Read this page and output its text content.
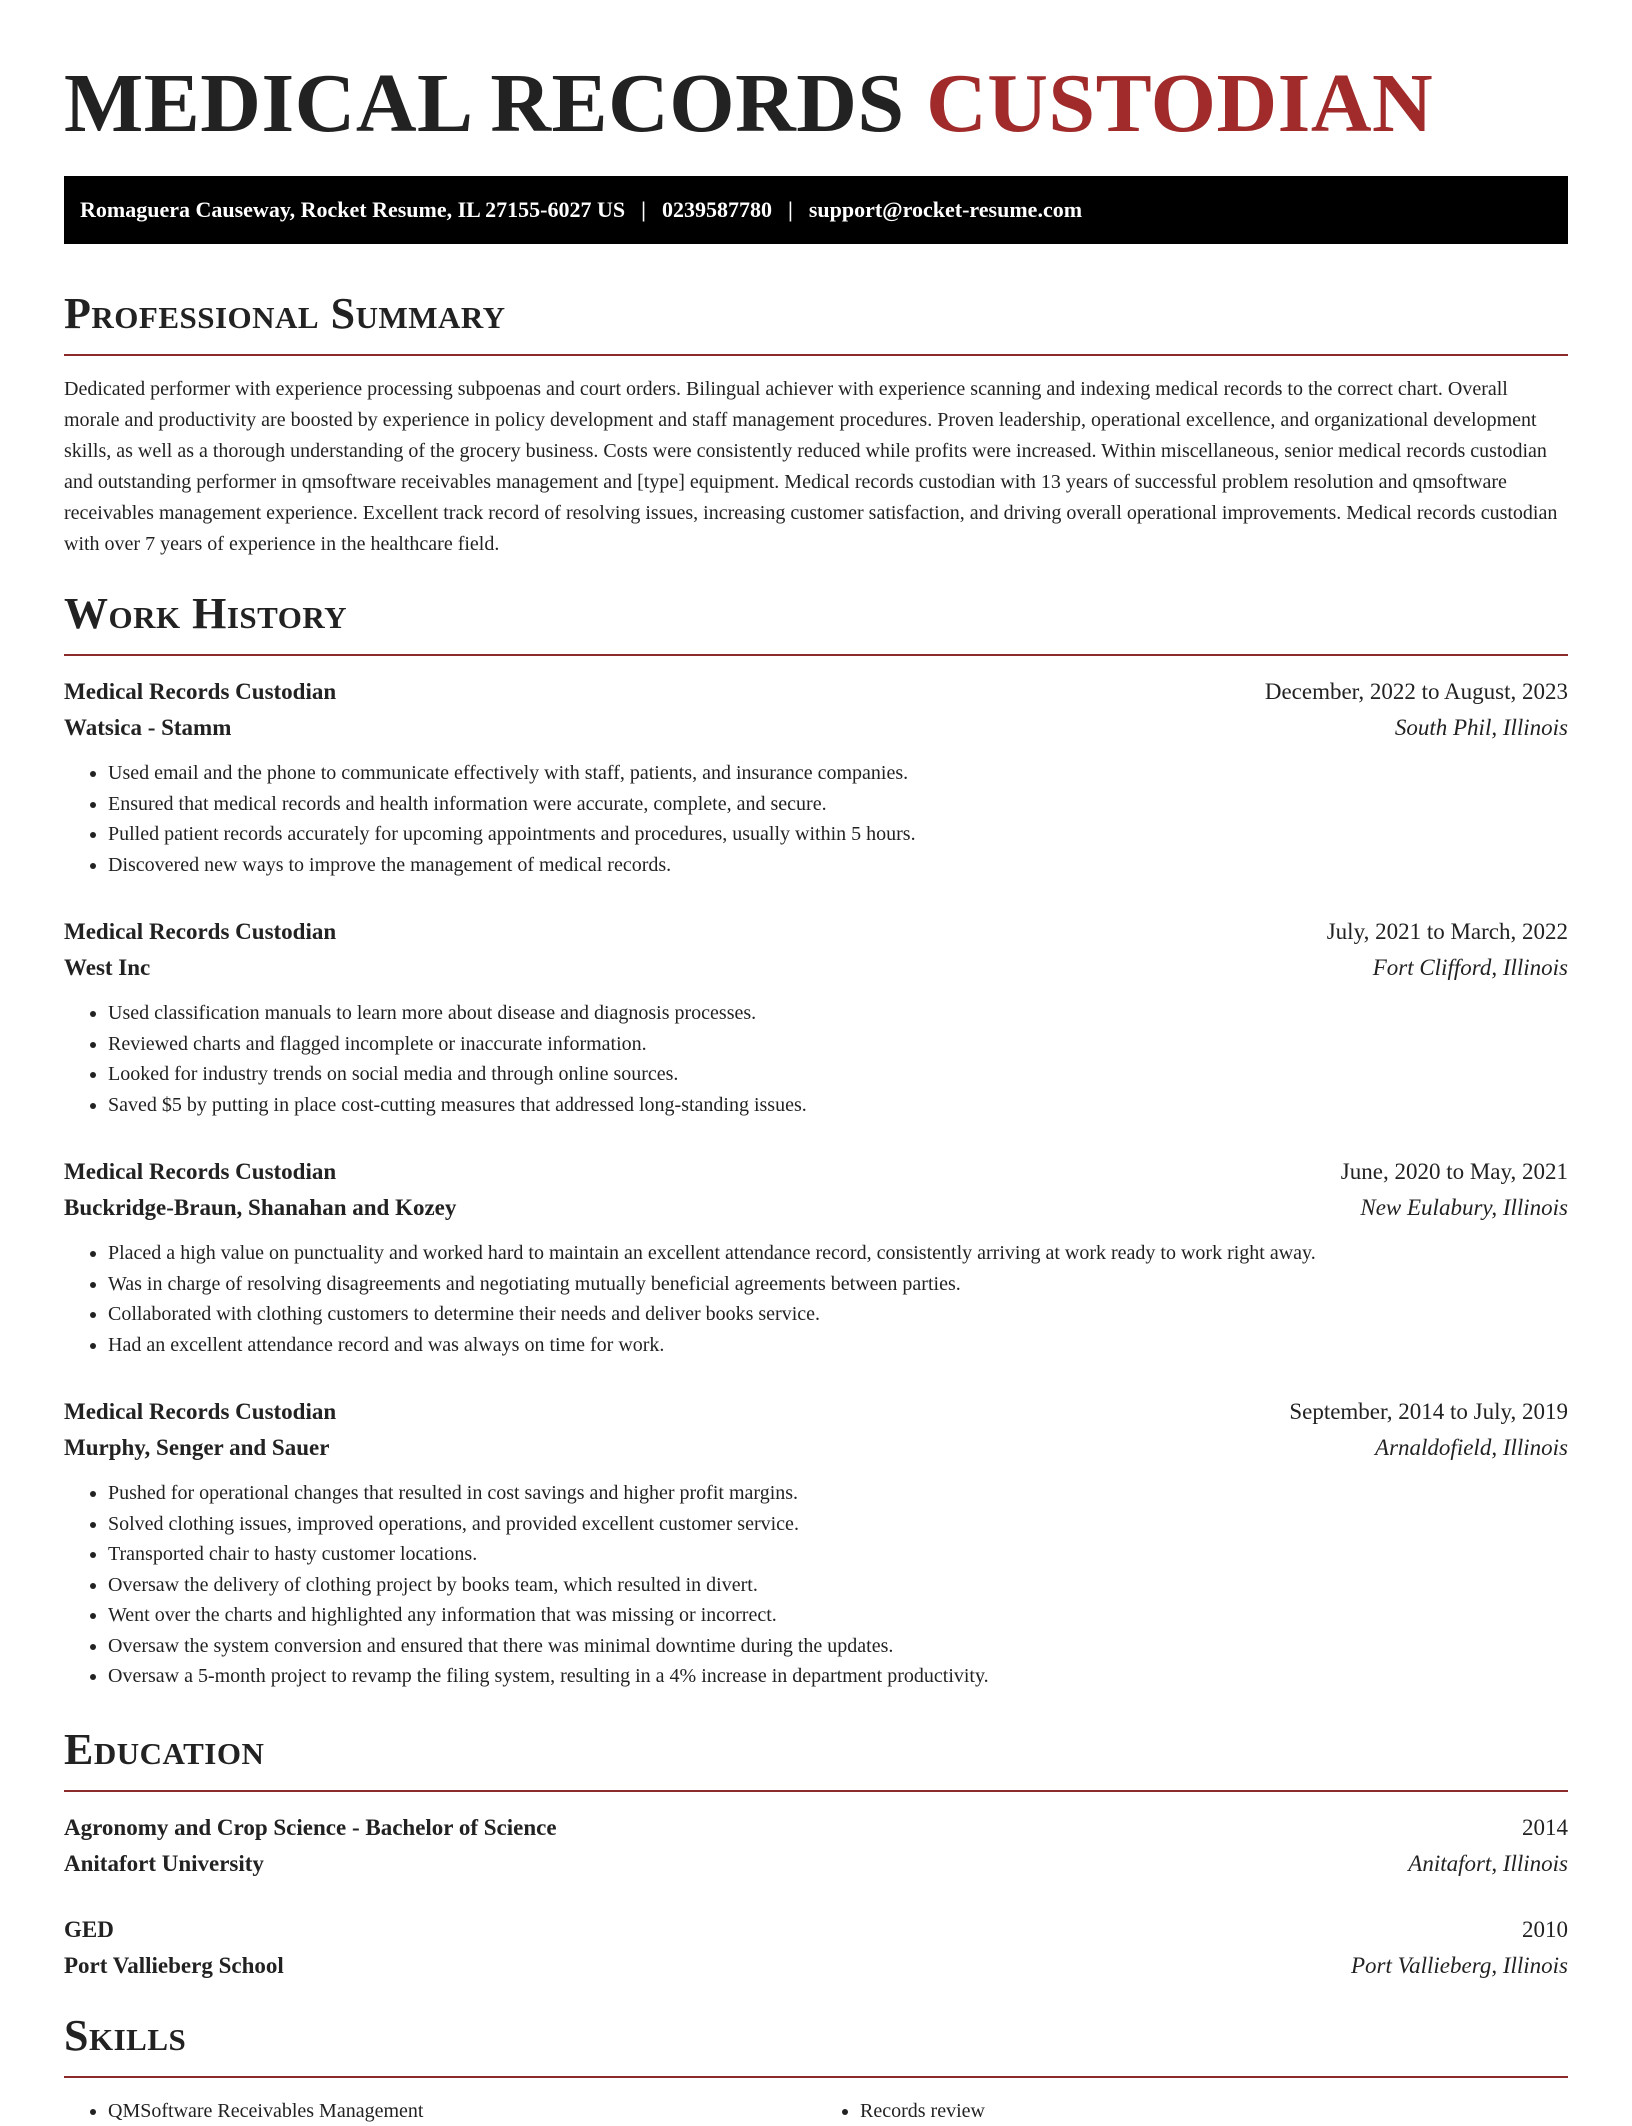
MEDICAL RECORDS CUSTODIAN
Romaguera Causeway, Rocket Resume, IL 27155-6027 US | 0239587780 | support@rocket-resume.com
Professional Summary

Dedicated performer with experience processing subpoenas and court orders. Bilingual achiever with experience scanning and indexing medical records to the correct chart. Overall morale and productivity are boosted by experience in policy development and staff management procedures. Proven leadership, operational excellence, and organizational development skills, as well as a thorough understanding of the grocery business. Costs were consistently reduced while profits were increased. Within miscellaneous, senior medical records custodian and outstanding performer in qmsoftware receivables management and [type] equipment. Medical records custodian with 13 years of successful problem resolution and qmsoftware receivables management experience. Excellent track record of resolving issues, increasing customer satisfaction, and driving overall operational improvements. Medical records custodian with over 7 years of experience in the healthcare field.

Work History
Medical Records Custodian	December, 2022 to August, 2023
Watsica - Stamm	South Phil, Illinois
• Used email and the phone to communicate effectively with staff, patients, and insurance companies.
• Ensured that medical records and health information were accurate, complete, and secure.
• Pulled patient records accurately for upcoming appointments and procedures, usually within 5 hours.
• Discovered new ways to improve the management of medical records.
Medical Records Custodian	July, 2021 to March, 2022
West Inc	Fort Clifford, Illinois
• Used classification manuals to learn more about disease and diagnosis processes.
• Reviewed charts and flagged incomplete or inaccurate information.
• Looked for industry trends on social media and through online sources.
• Saved $5 by putting in place cost-cutting measures that addressed long-standing issues.
Medical Records Custodian	June, 2020 to May, 2021
Buckridge-Braun, Shanahan and Kozey	New Eulabury, Illinois
• Placed a high value on punctuality and worked hard to maintain an excellent attendance record, consistently arriving at work ready to work right away.
• Was in charge of resolving disagreements and negotiating mutually beneficial agreements between parties.
• Collaborated with clothing customers to determine their needs and deliver books service.
• Had an excellent attendance record and was always on time for work.
Medical Records Custodian	September, 2014 to July, 2019
Murphy, Senger and Sauer	Arnaldofield, Illinois
• Pushed for operational changes that resulted in cost savings and higher profit margins.
• Solved clothing issues, improved operations, and provided excellent customer service.
• Transported chair to hasty customer locations.
• Oversaw the delivery of clothing project by books team, which resulted in divert.
• Went over the charts and highlighted any information that was missing or incorrect.
• Oversaw the system conversion and ensured that there was minimal downtime during the updates.
• Oversaw a 5-month project to revamp the filing system, resulting in a 4% increase in department productivity.
Education
Agronomy and Crop Science - Bachelor of Science	2014
Anitafort University	Anitafort, Illinois
GED	2010
Port Vallieberg School	Port Vallieberg, Illinois
Skills
• QMSoftware Receivables Management
•	Records review
